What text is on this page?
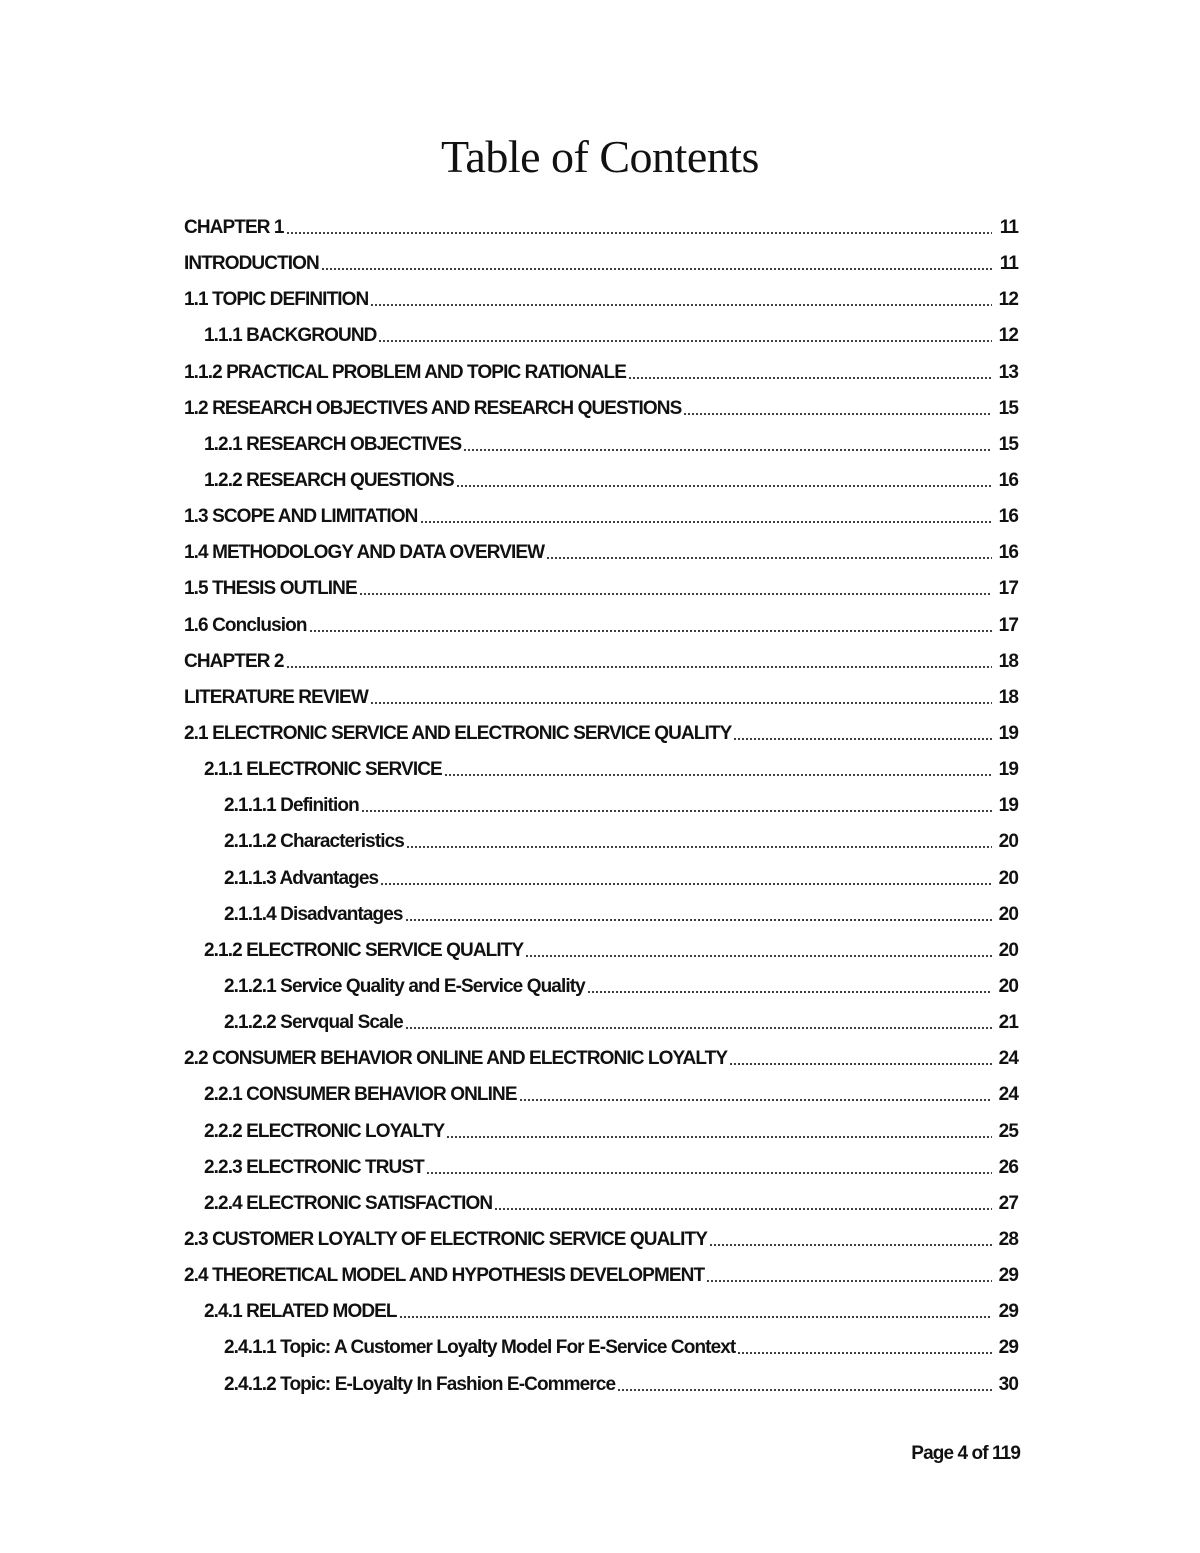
Table of Contents
CHAPTER 1	11
INTRODUCTION	11
1.1 TOPIC DEFINITION	12
1.1.1 BACKGROUND	12
1.1.2 PRACTICAL PROBLEM AND TOPIC RATIONALE	13
1.2 RESEARCH OBJECTIVES AND RESEARCH QUESTIONS	15
1.2.1 RESEARCH OBJECTIVES	15
1.2.2 RESEARCH QUESTIONS	16
1.3 SCOPE AND LIMITATION	16
1.4 METHODOLOGY AND DATA OVERVIEW	16
1.5 THESIS OUTLINE	17
1.6 Conclusion	17
CHAPTER 2	18
LITERATURE REVIEW	18
2.1 ELECTRONIC SERVICE AND ELECTRONIC SERVICE QUALITY	19
2.1.1 ELECTRONIC SERVICE	19
2.1.1.1 Definition	19
2.1.1.2 Characteristics	20
2.1.1.3 Advantages	20
2.1.1.4 Disadvantages	20
2.1.2 ELECTRONIC SERVICE QUALITY	20
2.1.2.1 Service Quality and E-Service Quality	20
2.1.2.2 Servqual Scale	21
2.2 CONSUMER BEHAVIOR ONLINE AND ELECTRONIC LOYALTY	24
2.2.1 CONSUMER BEHAVIOR ONLINE	24
2.2.2 ELECTRONIC LOYALTY	25
2.2.3 ELECTRONIC TRUST	26
2.2.4 ELECTRONIC SATISFACTION	27
2.3 CUSTOMER LOYALTY OF ELECTRONIC SERVICE QUALITY	28
2.4 THEORETICAL MODEL AND HYPOTHESIS DEVELOPMENT	29
2.4.1 RELATED MODEL	29
2.4.1.1 Topic: A Customer Loyalty Model For E-Service Context	29
2.4.1.2 Topic: E-Loyalty In Fashion E-Commerce	30
Page 4 of 119
